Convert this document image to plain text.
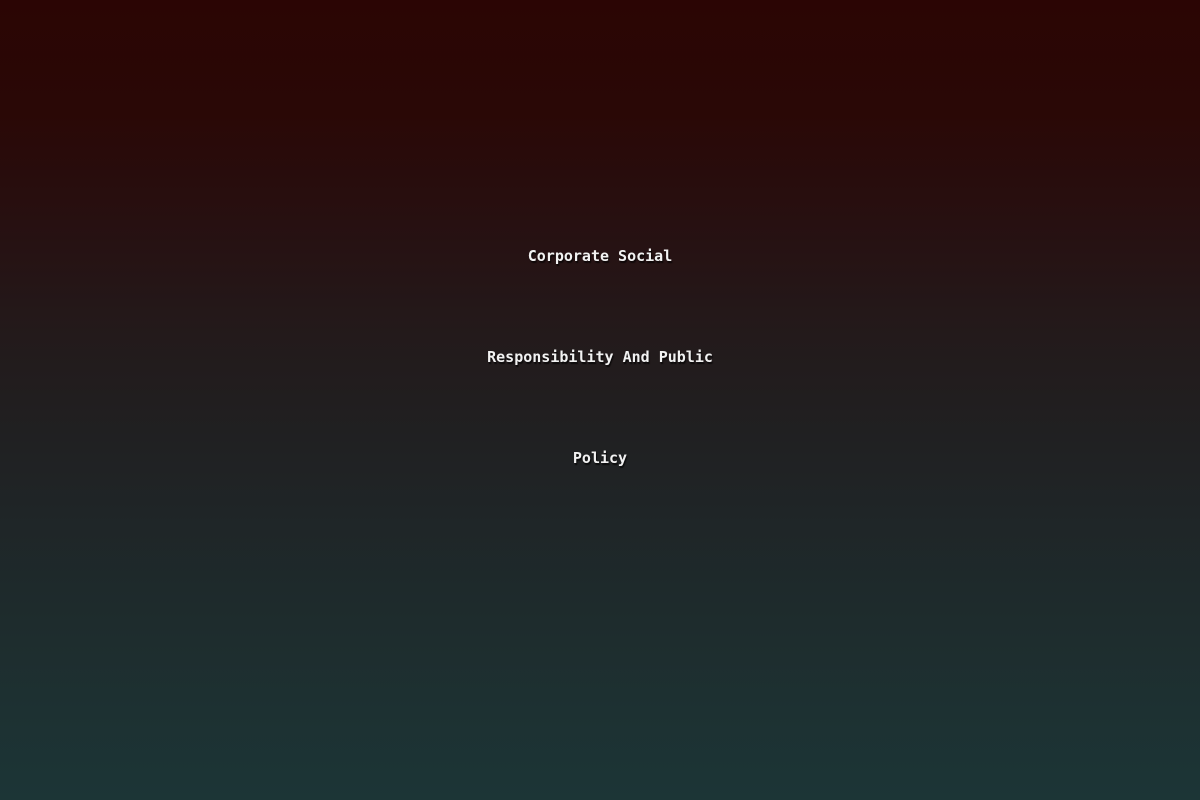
Corporate Social
Responsibility And Public
Policy
